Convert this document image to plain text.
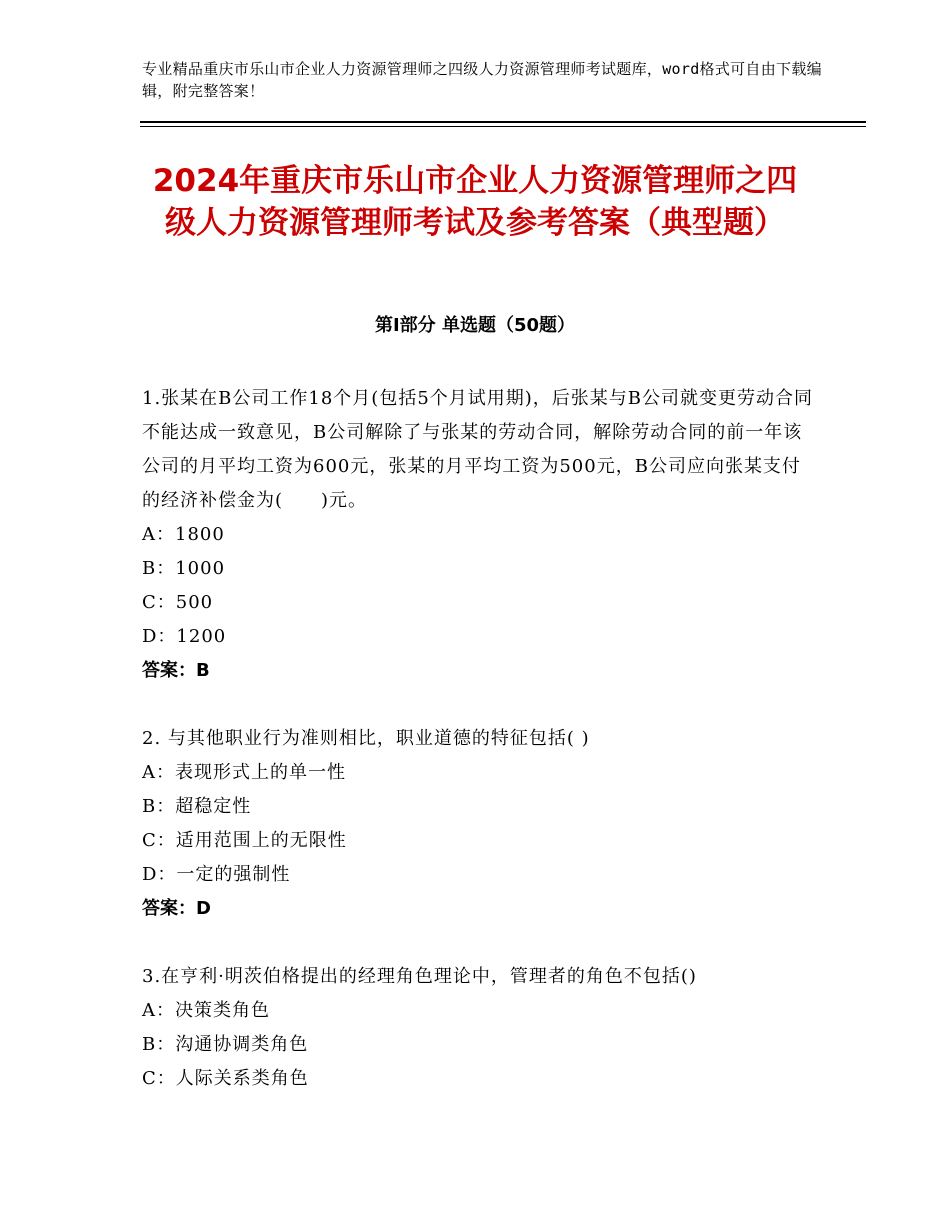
专业精品重庆市乐山市企业人力资源管理师之四级人力资源管理师考试题库，word格式可自由下载编辑，附完整答案！
2024年重庆市乐山市企业人力资源管理师之四级人力资源管理师考试及参考答案（典型题）
第Ⅰ部分 单选题（50题）
1.张某在B公司工作18个月(包括5个月试用期)，后张某与B公司就变更劳动合同不能达成一致意见，B公司解除了与张某的劳动合同，解除劳动合同的前一年该公司的月平均工资为600元，张某的月平均工资为500元，B公司应向张某支付的经济补偿金为(　　)元。
A：1800
B：1000
C：500
D：1200
答案：B
2. 与其他职业行为准则相比，职业道德的特征包括( )
A：表现形式上的单一性
B：超稳定性
C：适用范围上的无限性
D：一定的强制性
答案：D
3.在亨利·明茨伯格提出的经理角色理论中，管理者的角色不包括()
A：决策类角色
B：沟通协调类角色
C：人际关系类角色
